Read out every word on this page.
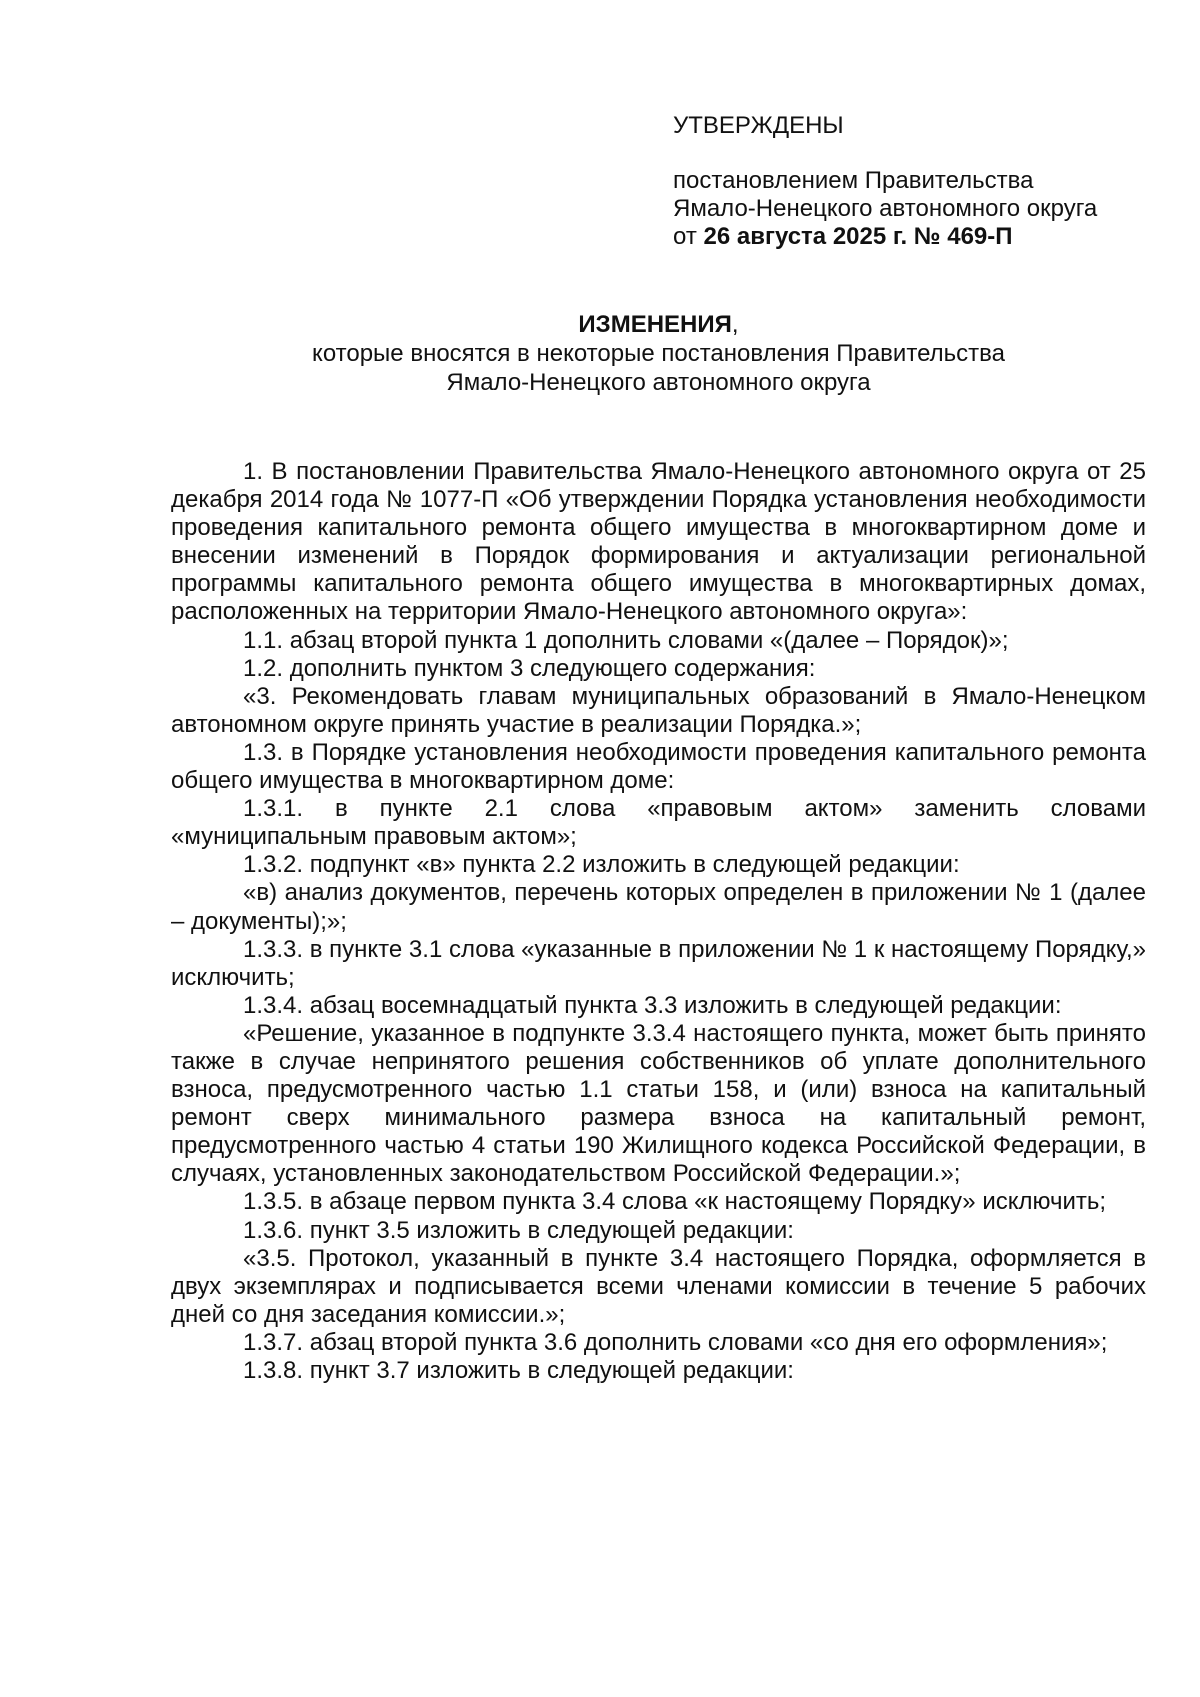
УТВЕРЖДЕНЫ

постановлением Правительства

Ямало-Ненецкого автономного округа

от 26 августа 2025 г. № 469-П

ИЗМЕНЕНИЯ,

которые вносятся в некоторые постановления Правительства

Ямало-Ненецкого автономного округа

1. В постановлении Правительства Ямало-Ненецкого автономного округа от 25 декабря 2014 года № 1077-П «Об утверждении Порядка установления необходимости проведения капитального ремонта общего имущества в многоквартирном доме и внесении изменений в Порядок формирования и актуализации региональной программы капитального ремонта общего имущества в многоквартирных домах, расположенных на территории Ямало-Ненецкого автономного округа»:

1.1. абзац второй пункта 1 дополнить словами «(далее – Порядок)»;

1.2. дополнить пунктом 3 следующего содержания:

«3. Рекомендовать главам муниципальных образований в Ямало-Ненецком автономном округе принять участие в реализации Порядка.»;

1.3. в Порядке установления необходимости проведения капитального ремонта общего имущества в многоквартирном доме:

1.3.1. в пункте 2.1 слова «правовым актом» заменить словами «муниципальным правовым актом»;

1.3.2. подпункт «в» пункта 2.2 изложить в следующей редакции:

«в) анализ документов, перечень которых определен в приложении № 1 (далее – документы);»;

1.3.3. в пункте 3.1 слова «указанные в приложении № 1 к настоящему Порядку,» исключить;

1.3.4. абзац восемнадцатый пункта 3.3 изложить в следующей редакции:

«Решение, указанное в подпункте 3.3.4 настоящего пункта, может быть принято также в случае непринятого решения собственников об уплате дополнительного взноса, предусмотренного частью 1.1 статьи 158, и (или) взноса на капитальный ремонт сверх минимального размера взноса на капитальный ремонт, предусмотренного частью 4 статьи 190 Жилищного кодекса Российской Федерации, в случаях, установленных законодательством Российской Федерации.»;

1.3.5. в абзаце первом пункта 3.4 слова «к настоящему Порядку» исключить;

1.3.6. пункт 3.5 изложить в следующей редакции:

«3.5. Протокол, указанный в пункте 3.4 настоящего Порядка, оформляется в двух экземплярах и подписывается всеми членами комиссии в течение 5 рабочих дней со дня заседания комиссии.»;

1.3.7. абзац второй пункта 3.6 дополнить словами «со дня его оформления»;

1.3.8. пункт 3.7 изложить в следующей редакции:
